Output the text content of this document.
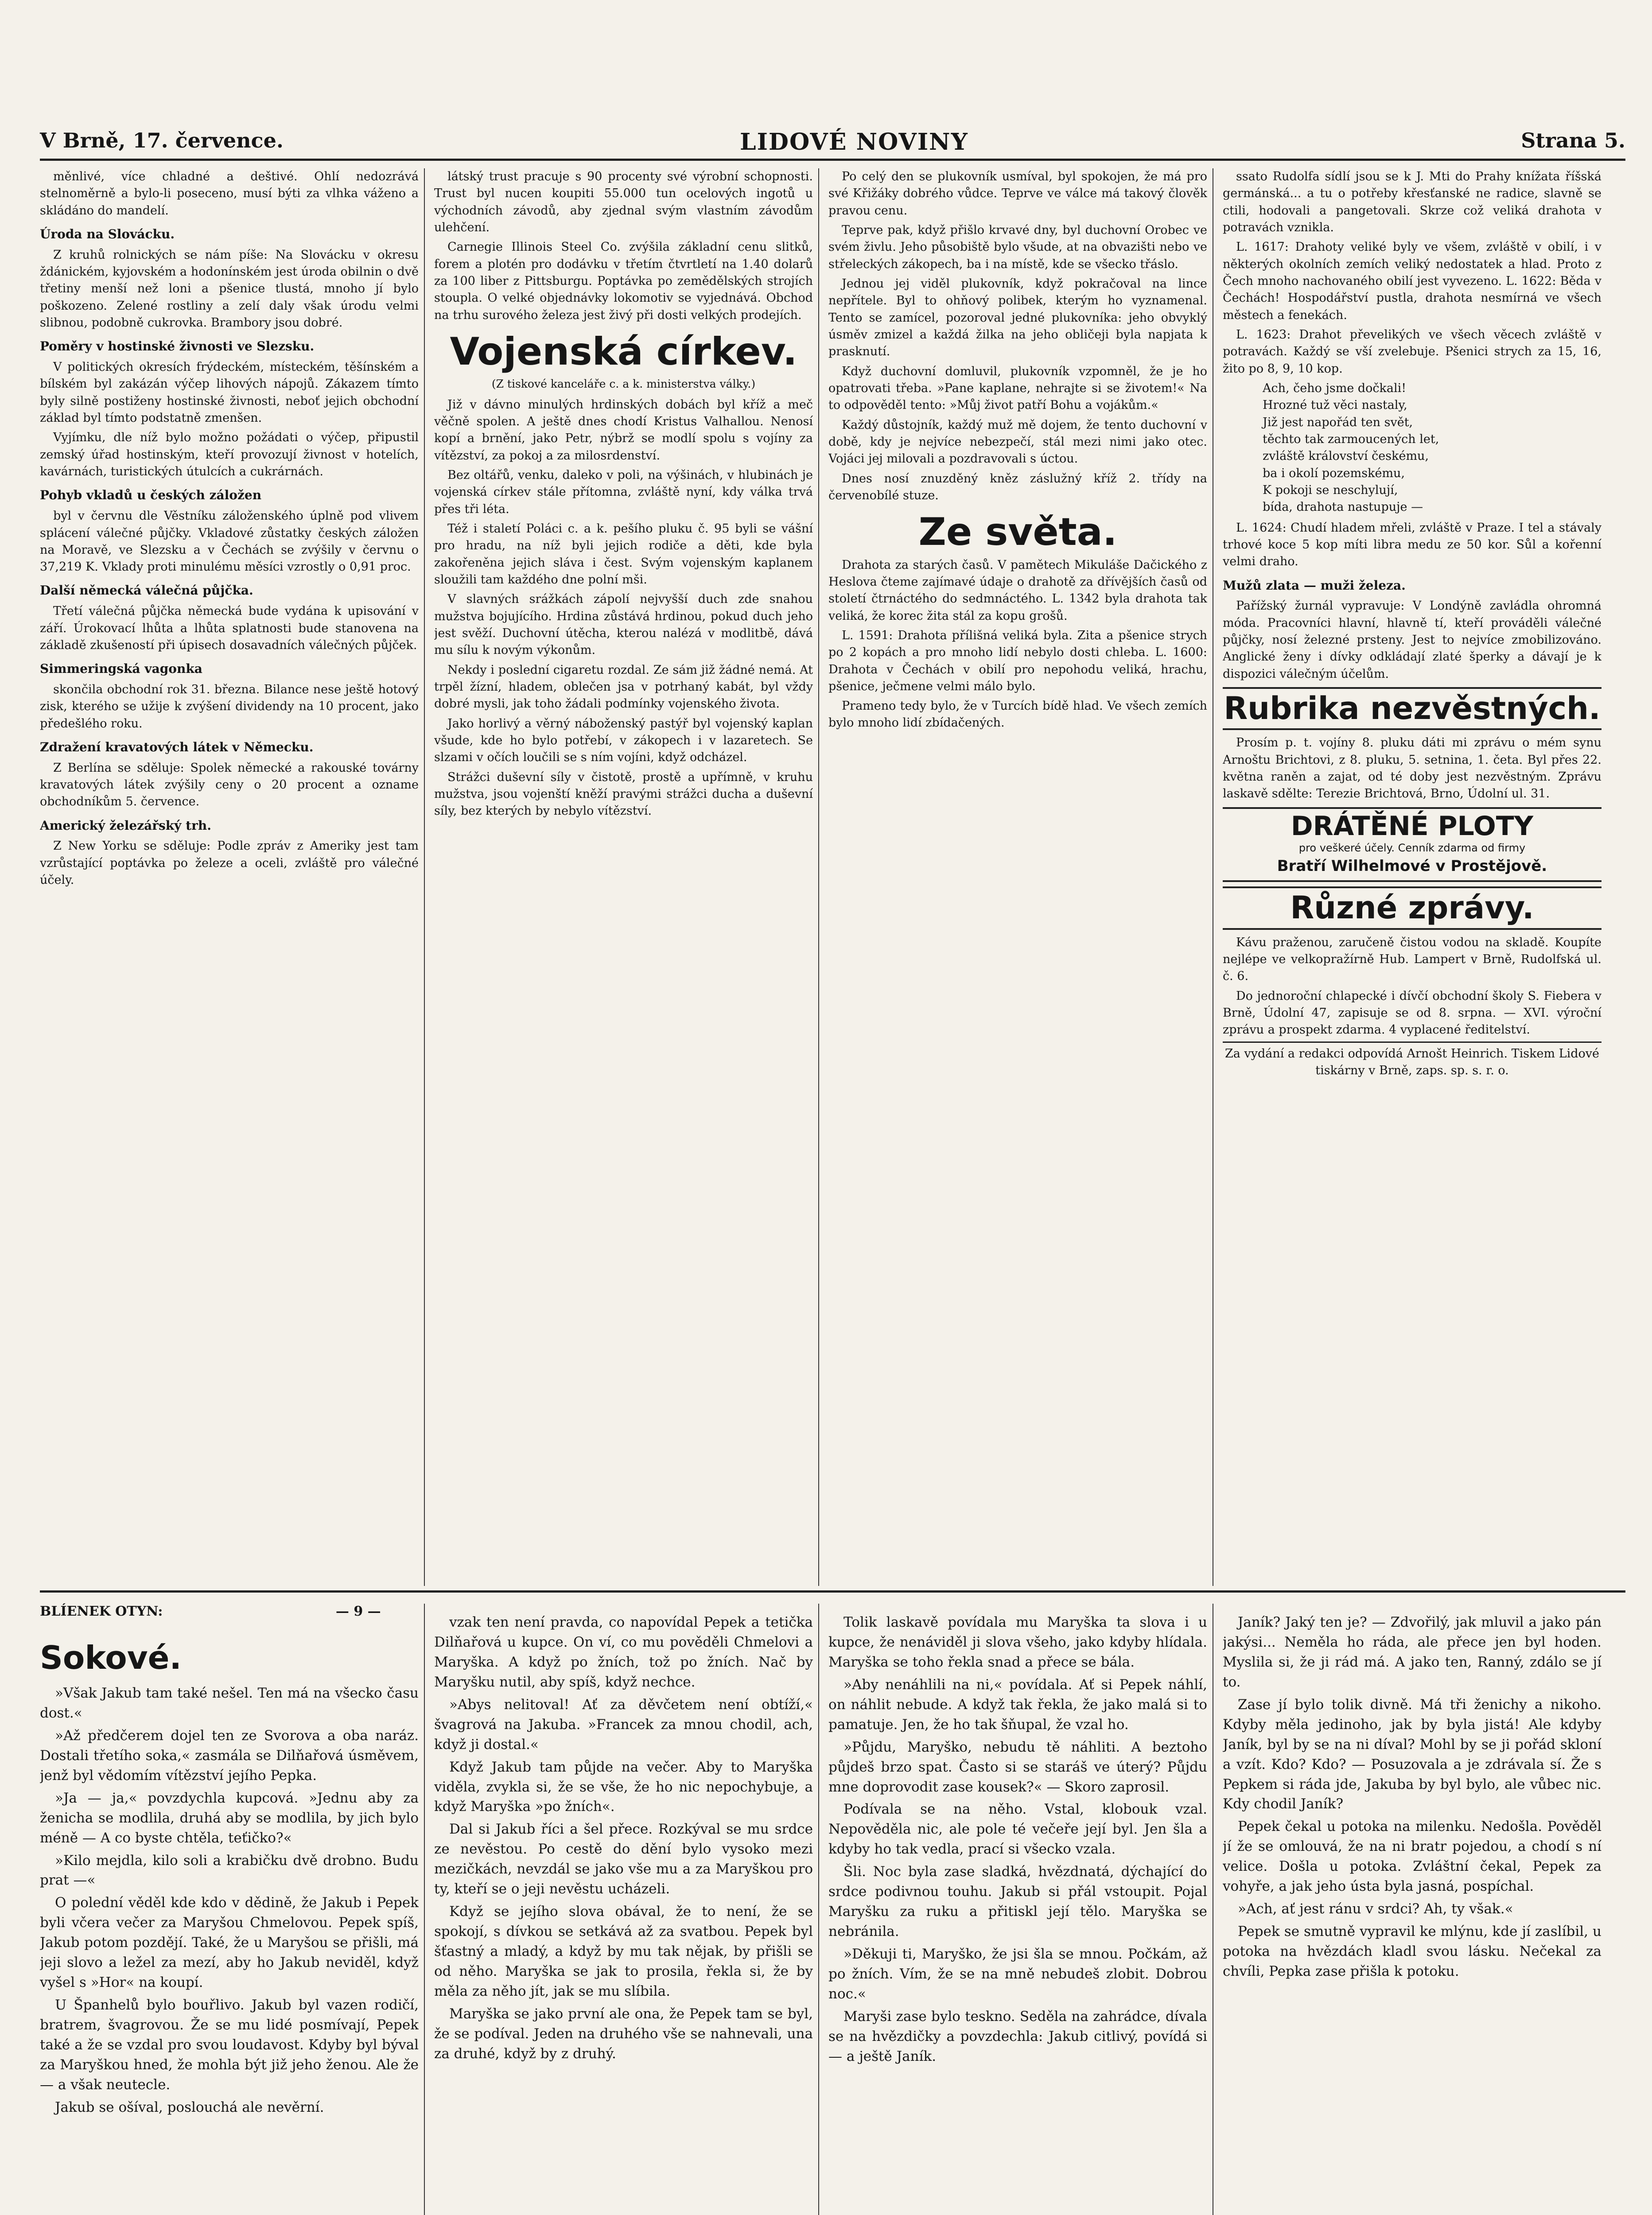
V Brně, 17. července.	LIDOVÉ NOVINY	Strana 5.

měnlivé, více chladné a deštivé. Ohlí nedozrává stelnoměrně a bylo-li poseceno, musí býti za vlhka váženo a skládáno do mandelí.

Úroda na Slovácku.

Z kruhů rolnických se nám píše: Na Slovácku v okresu ždánickém, kyjovském a hodonínském jest úroda obilnin o dvě třetiny menší než loni a pšenice tlustá, mnoho jí bylo poškozeno. Zelené rostliny a zelí daly však úrodu velmi slibnou, podobně cukrovka. Brambory jsou dobré.

Poměry v hostinské živnosti ve Slezsku.

V politických okresích frýdeckém, místeckém, těšínském a bílském byl zakázán výčep lihových nápojů. Zákazem tímto byly silně postiženy hostinské živnosti, neboť jejich obchodní základ byl tímto podstatně zmenšen.

Vyjímku, dle níž bylo možno požádati o výčep, připustil zemský úřad hostinským, kteří provozují živnost v hotelích, kavárnách, turistických útulcích a cukrárnách.

Pohyb vkladů u českých záložen

byl v červnu dle Věstníku záloženského úplně pod vlivem splácení válečné půjčky. Vkladové zůstatky českých záložen na Moravě, ve Slezsku a v Čechách se zvýšily v červnu o 37,219 K. Vklady proti minulému měsíci vzrostly o 0,91 proc.

Další německá válečná půjčka.

Třetí válečná půjčka německá bude vydána k upisování v září. Úrokovací lhůta a lhůta splatnosti bude stanovena na základě zkušeností při úpisech dosavadních válečných půjček.

Simmeringská vagonka

skončila obchodní rok 31. března. Bilance nese ještě hotový zisk, kterého se užije k zvýšení dividendy na 10 procent, jako předešlého roku.

Zdražení kravatových látek v Německu.

Z Berlína se sděluje: Spolek německé a rakouské továrny kravatových látek zvýšily ceny o 20 procent a ozname obchodníkům 5. července.

Americký železářský trh.

Z New Yorku se sděluje: Podle zpráv z Ameriky jest tam vzrůstající poptávka po železe a oceli, zvláště pro válečné účely.

látský trust pracuje s 90 procenty své výrobní schopnosti. Trust byl nucen koupiti 55.000 tun ocelových ingotů u východních závodů, aby zjednal svým vlastním závodům ulehčení.

Carnegie Illinois Steel Co. zvýšila základní cenu slitků, forem a plotén pro dodávku v třetím čtvrtletí na 1.40 dolarů za 100 liber z Pittsburgu. Poptávka po zemědělských strojích stoupla. O velké objednávky lokomotiv se vyjednává. Obchod na trhu surového železa jest živý při dosti velkých prodejích.

Vojenská církev.
(Z tiskové kanceláře c. a k. ministerstva války.)

Již v dávno minulých hrdinských dobách byl kříž a meč věčně spolen. A ještě dnes chodí Kristus Valhallou. Nenosí kopí a brnění, jako Petr, nýbrž se modlí spolu s vojíny za vítězství, za pokoj a za milosrdenství.

Bez oltářů, venku, daleko v poli, na výšinách, v hlubinách je vojenská církev stále přítomna, zvláště nyní, kdy válka trvá přes tři léta.

Též i staletí Poláci c. a k. pešího pluku č. 95 byli se vášní pro hradu, na níž byli jejich rodiče a děti, kde byla zakořeněna jejich sláva i čest. Svým vojenským kaplanem sloužili tam každého dne polní mši.

V slavných srážkách zápolí nejvyšší duch zde snahou mužstva bojujícího. Hrdina zůstává hrdinou, pokud duch jeho jest svěží. Duchovní útěcha, kterou nalézá v modlitbě, dává mu sílu k novým výkonům.

Nekdy i poslední cigaretu rozdal. Ze sám již žádné nemá. At trpěl žízní, hladem, oblečen jsa v potrhaný kabát, byl vždy dobré mysli, jak toho žádali podmínky vojenského života.

Jako horlivý a věrný náboženský pastýř byl vojenský kaplan všude, kde ho bylo potřebí, v zákopech i v lazaretech. Se slzami v očích loučili se s ním vojíni, když odcházel.

Strážci duševní síly v čistotě, prostě a upřímně, v kruhu mužstva, jsou vojenští kněží pravými strážci ducha a duševní síly, bez kterých by nebylo vítězství.

Po celý den se plukovník usmíval, byl spokojen, že má pro své Křižáky dobrého vůdce. Teprve ve válce má takový člověk pravou cenu.

Teprve pak, když přišlo krvavé dny, byl duchovní Orobec ve svém živlu. Jeho působiště bylo všude, at na obvazišti nebo ve střeleckých zákopech, ba i na místě, kde se všecko třáslo.

Jednou jej viděl plukovník, když pokračoval na lince nepřítele. Byl to ohňový polibek, kterým ho vyznamenal. Tento se zamícel, pozoroval jedné plukovníka: jeho obvyklý úsměv zmizel a každá žilka na jeho obličeji byla napjata k prasknutí.

Když duchovní domluvil, plukovník vzpomněl, že je ho opatrovati třeba. »Pane kaplane, nehrajte si se životem!« Na to odpověděl tento: »Můj život patří Bohu a vojákům.«

Každý důstojník, každý muž mě dojem, že tento duchovní v době, kdy je nejvíce nebezpečí, stál mezi nimi jako otec. Vojáci jej milovali a pozdravovali s úctou.

Dnes nosí znuzděný kněz záslužný kříž 2. třídy na červenobílé stuze.

Ze světa.

Drahota za starých časů. V pamětech Mikuláše Dačického z Heslova čteme zajímavé údaje o drahotě za dřívějších časů od století čtrnáctého do sedmnáctého. L. 1342 byla drahota tak veliká, že korec žita stál za kopu grošů.

L. 1591: Drahota přílišná veliká byla. Zita a pšenice strych po 2 kopách a pro mnoho lidí nebylo dosti chleba. L. 1600: Drahota v Čechách v obilí pro nepohodu veliká, hrachu, pšenice, ječmene velmi málo bylo.

Prameno tedy bylo, že v Turcích bídě hlad. Ve všech zemích bylo mnoho lidí zbídačených.

ssato Rudolfa sídlí jsou se k J. Mti do Prahy knížata říšská germánská... a tu o potřeby křesťanské ne radice, slavně se ctili, hodovali a pangetovali. Skrze což veliká drahota v potravách vznikla.

L. 1617: Drahoty veliké byly ve všem, zvláště v obilí, i v některých okolních zemích veliký nedostatek a hlad. Proto z Čech mnoho nachovaného obilí jest vyvezeno. L. 1622: Běda v Čechách! Hospodářství pustla, drahota nesmírná ve všech městech a fenekách.

L. 1623: Drahot převelikých ve všech věcech zvláště v potravách. Každý se vší zvelebuje. Pšenici strych za 15, 16, žito po 8, 9, 10 kop.

Ach, čeho jsme dočkali!
Hrozné tuž věci nastaly,
Již jest napořád ten svět,
těchto tak zarmoucených let,
zvláště království českému,
ba i okolí pozemskému,
K pokoji se neschylují,
bída, drahota nastupuje —

L. 1624: Chudí hladem mřeli, zvláště v Praze. I tel a stávaly trhové koce 5 kop míti libra medu ze 50 kor. Sůl a kořenní velmi draho.

Mužů zlata — muži železa.

Pařížský žurnál vypravuje: V Londýně zavládla ohromná móda. Pracovníci hlavní, hlavně tí, kteří prováděli válečné půjčky, nosí železné prsteny. Jest to nejvíce zmobilizováno. Anglické ženy i dívky odkládají zlaté šperky a dávají je k dispozici válečným účelům.

Rubrika nezvěstných.

Prosím p. t. vojíny 8. pluku dáti mi zprávu o mém synu Arnoštu Brichtovi, z 8. pluku, 5. setnina, 1. četa. Byl přes 22. května raněn a zajat, od té doby jest nezvěstným. Zprávu laskavě sdělte: Terezie Brichtová, Brno, Údolní ul. 31.

DRÁTĚNÉ PLOTY
pro veškeré účely. Cenník zdarma od firmy
Bratří Wilhelmové v Prostějově.
Různé zprávy.

Kávu praženou, zaručeně čistou vodou na skladě. Koupíte nejlépe ve velkopražírně Hub. Lampert v Brně, Rudolfská ul. č. 6.

Do jednoroční chlapecké i dívčí obchodní školy S. Fiebera v Brně, Údolní 47, zapisuje se od 8. srpna. — XVI. výroční zprávu a prospekt zdarma. 4 vyplacené ředitelství.

Za vydání a redakci odpovídá Arnošt Heinrich. Tiskem Lidové tiskárny v Brně, zaps. sp. s. r. o.

BLÍENEK OTYN:	— 9 —
Sokové.

»Však Jakub tam také nešel. Ten má na všecko času dost.«

»Až předčerem dojel ten ze Svorova a oba naráz. Dostali třetího soka,« zasmála se Dilňařová úsměvem, jenž byl vědomím vítězství jejího Pepka.

»Ja — ja,« povzdychla kupcová. »Jednu aby za ženicha se modlila, druhá aby se modlila, by jich bylo méně — A co byste chtěla, teťičko?«

»Kilo mejdla, kilo soli a krabičku dvě drobno. Budu prat —«

O polední věděl kde kdo v dědině, že Jakub i Pepek byli včera večer za Maryšou Chmelovou. Pepek spíš, Jakub potom pozdějí. Také, že u Maryšou se přišli, má jeji slovo a ležel za mezí, aby ho Jakub neviděl, když vyšel s »Hor« na koupí.

U Španhelů bylo bouřlivo. Jakub byl vazen rodičí, bratrem, švagrovou. Že se mu lidé posmívají, Pepek také a že se vzdal pro svou loudavost. Kdyby byl býval za Maryškou hned, že mohla být již jeho ženou. Ale že — a však neutecle.

Jakub se ošíval, poslouchá ale nevěrní.

vzak ten není pravda, co napovídal Pepek a tetička Dilňařová u kupce. On ví, co mu pověděli Chmelovi a Maryška. A když po žních, tož po žních. Nač by Maryšku nutil, aby spíš, když nechce.

»Abys nelitoval! Ať za děvčetem není obtíží,« švagrová na Jakuba. »Francek za mnou chodil, ach, když ji dostal.«

Když Jakub tam půjde na večer. Aby to Maryška viděla, zvykla si, že se vše, že ho nic nepochybuje, a když Maryška »po žních«.

Dal si Jakub říci a šel přece. Rozkýval se mu srdce ze nevěstou. Po cestě do dění bylo vysoko mezi mezičkách, nevzdál se jako vše mu a za Maryškou pro ty, kteří se o jeji nevěstu ucházeli.

Když se jejího slova obával, že to není, že se spokojí, s dívkou se setkává až za svatbou. Pepek byl šťastný a mladý, a když by mu tak nějak, by přišli se od něho. Maryška se jak to prosila, řekla si, že by měla za něho jít, jak se mu slíbila.

Maryška se jako první ale ona, že Pepek tam se byl, že se podíval. Jeden na druhého vše se nahnevali, una za druhé, když by z druhý.

Tolik laskavě povídala mu Maryška ta slova i u kupce, že nenáviděl ji slova všeho, jako kdyby hlídala. Maryška se toho řekla snad a přece se bála.

»Aby nenáhlili na ni,« povídala. Ať si Pepek náhlí, on náhlit nebude. A když tak řekla, že jako malá si to pamatuje. Jen, že ho tak šňupal, že vzal ho.

»Půjdu, Maryško, nebudu tě náhliti. A beztoho půjdeš brzo spat. Často si se staráš ve úterý? Půjdu mne doprovodit zase kousek?« — Skoro zaprosil.

Podívala se na něho. Vstal, klobouk vzal. Nepověděla nic, ale pole té večeře její byl. Jen šla a kdyby ho tak vedla, prací si všecko vzala.

Šli. Noc byla zase sladká, hvězdnatá, dýchající do srdce podivnou touhu. Jakub si přál vstoupit. Pojal Maryšku za ruku a přitiskl její tělo. Maryška se nebránila.

»Děkuji ti, Maryško, že jsi šla se mnou. Počkám, až po žních. Vím, že se na mně nebudeš zlobit. Dobrou noc.«

Maryši zase bylo teskno. Seděla na zahrádce, dívala se na hvězdičky a povzdechla: Jakub citlivý, povídá si — a ještě Janík.

Janík? Jaký ten je? — Zdvořilý, jak mluvil a jako pán jakýsi... Neměla ho ráda, ale přece jen byl hoden. Myslila si, že ji rád má. A jako ten, Ranný, zdálo se jí to.

Zase jí bylo tolik divně. Má tři ženichy a nikoho. Kdyby měla jedinoho, jak by byla jistá! Ale kdyby Janík, byl by se na ni díval? Mohl by se ji pořád skloní a vzít. Kdo? Kdo? — Posuzovala a je zdrávala sí. Že s Pepkem si ráda jde, Jakuba by byl bylo, ale vůbec nic. Kdy chodil Janík?

Pepek čekal u potoka na milenku. Nedošla. Pověděl jí že se omlouvá, že na ni bratr pojedou, a chodí s ní velice. Došla u potoka. Zvláštní čekal, Pepek za vohyře, a jak jeho ústa byla jasná, pospíchal.

»Ach, ať jest ránu v srdci? Ah, ty však.«

Pepek se smutně vypravil ke mlýnu, kde jí zaslíbil, u potoka na hvězdách kladl svou lásku. Nečekal za chvíli, Pepka zase přišla k potoku.
